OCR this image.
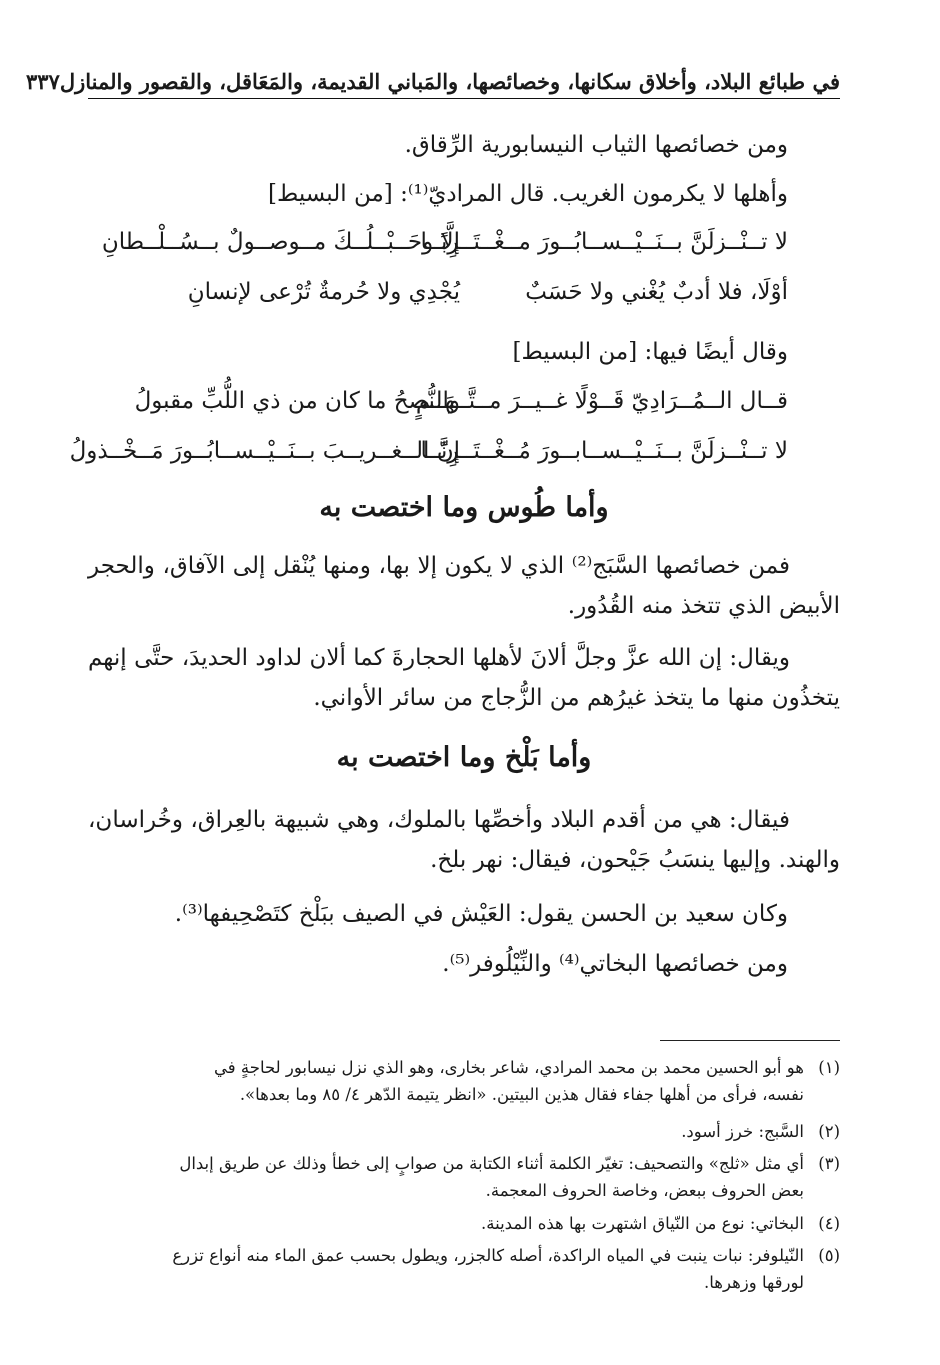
في طبائع البلاد، وأخلاق سكانها، وخصائصها، والمَباني القديمة، والمَعَاقل، والقصور والمنازل
٣٣٧
ومن خصائصها الثياب النيسابورية الرِّقاق.
وأهلها لا يكرمون الغريب. قال المراديّ⁽¹⁾: [من البسيط]
لا تــنْــزلَنَّ بــنَــيْــســابُــورَ مــغْــتَــرِبًــا
إلَّا وحَــبْــلُــكَ مــوصــولٌ بــسُــلْــطانِ
أوْلَا، فلا أدبٌ يُغْني ولا حَسَبٌ
يُجْدِي ولا حُرمةٌ تُرْعى لإنسانِ
وقال أيضًا فيها: [من البسيط]
قــال الــمُــرَادِيّ قَــوْلًا غــيــرَ مــتَّــهَــمٍ
والنُّصحُ ما كان من ذي اللُّبِّ مقبولُ
لا تــنْــزلَنَّ بــنَــيْــســابــورَ مُــغْــتَــرِبًــا
إنَّ الــغــريــبَ بــنَــيْــســابُــورَ مَــخْــذولُ
وأما طُوس وما اختصت به
فمن خصائصها السَّبَج⁽²⁾ الذي لا يكون إلا بها، ومنها يُنْقل إلى الآفاق، والحجر الأبيض الذي تتخذ منه القُدُور.
ويقال: إن الله عزَّ وجلَّ ألانَ لأهلها الحجارةَ كما ألان لداود الحديدَ، حتَّى إنهم يتخذُون منها ما يتخذ غيرُهم من الزُّجاج من سائر الأواني.
وأما بَلْخ وما اختصت به
فيقال: هي من أقدم البلاد وأخصِّها بالملوك، وهي شبيهة بالعِراق، وخُراسان، والهند. وإليها ينسَبُ جَيْحون، فيقال: نهر بلخ.
وكان سعيد بن الحسن يقول: العَيْش في الصيف ببَلْخ كتَصْحِيفها⁽³⁾.
ومن خصائصها البخاتي⁽⁴⁾ والنِّيْلُوفر⁽⁵⁾.
(١)هو أبو الحسين محمد بن محمد المرادي، شاعر بخارى، وهو الذي نزل نيسابور لحاجةٍ في
نفسه، فرأى من أهلها جفاء فقال هذين البيتين. «انظر يتيمة الدّهر ٤/ ٨٥ وما بعدها».
(٢)السَّبج: خرز أسود.
(٣)أي مثل «ثلج» والتصحيف: تغيّر الكلمة أثناء الكتابة من صوابٍ إلى خطأ وذلك عن طريق إبدال
بعض الحروف ببعض، وخاصة الحروف المعجمة.
(٤)البخاتي: نوع من النّياق اشتهرت بها هذه المدينة.
(٥)النّيلوفر: نبات ينبت في المياه الراكدة، أصله كالجزر، ويطول بحسب عمق الماء منه أنواع تزرع
لورقها وزهرها.
